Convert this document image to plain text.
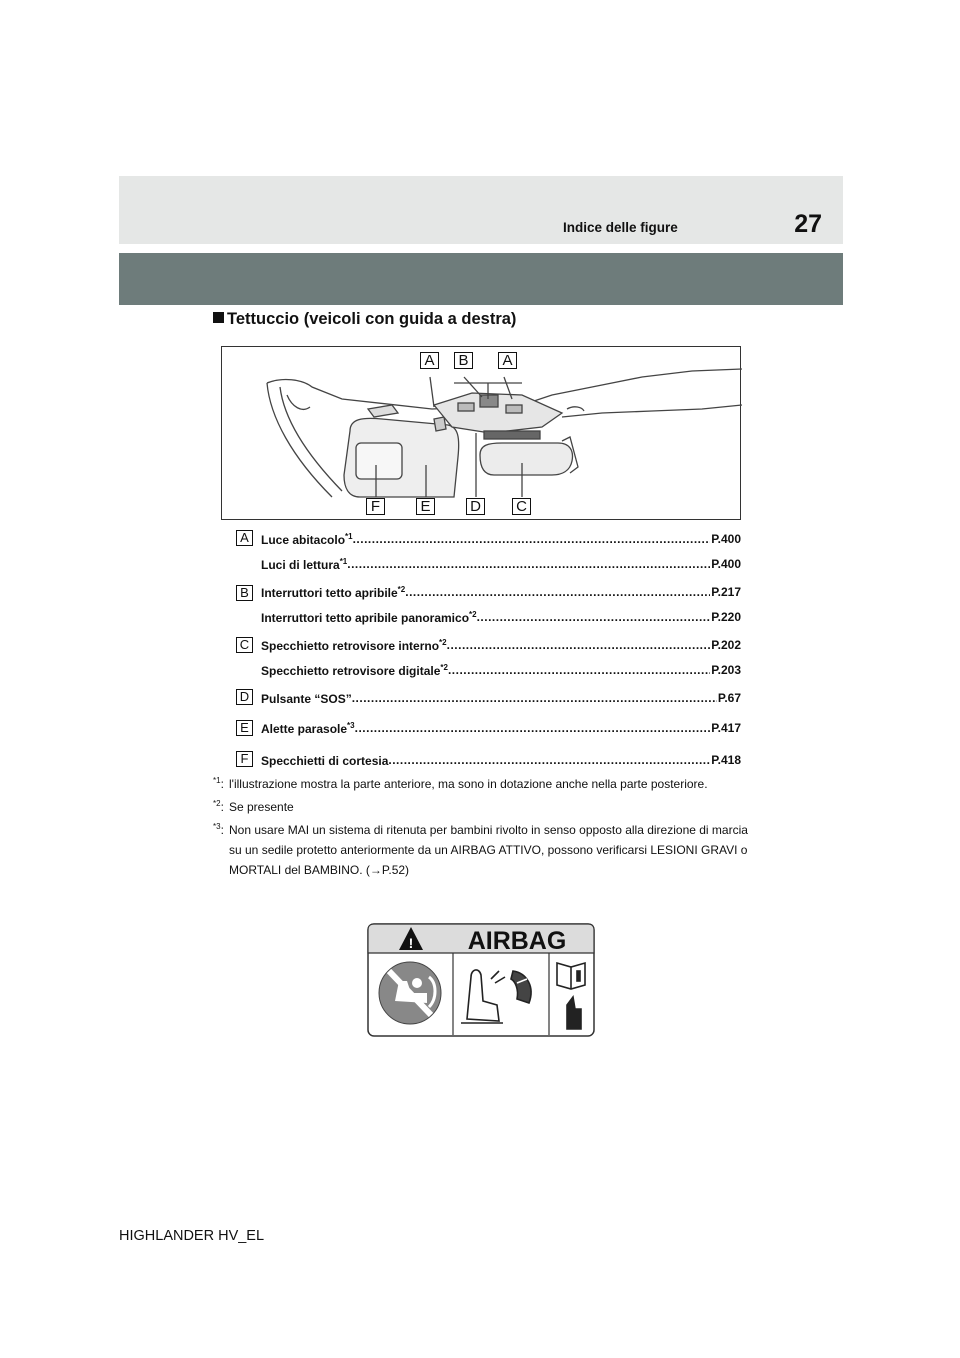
27
Indice delle figure
Tettuccio (veicoli con guida a destra)
A	B	A
F	E	D C
A	Luce abitacolo$^{*1}$ .....	P.400
Luci di lettura$^{*1}$ .....	P.400
B	Interruttori tetto apribile$^{*2}$ .....	P.217
Interruttori tetto apribile panoramico$^{*2}$ .....	P.220
C Specchietto retrovisore interno$^{*2}$ .....	P.202
Specchietto retrovisore digitale$^{*2}$ .....	P.203
D Pulsante “SOS” .....	P.67
E	Alette parasole$^{*3}$ .....	P.417
F	Specchietti di cortesia .....	P.418
$^{*1}$: l'illustrazione mostra la parte anteriore, ma sono in dotazione anche nella parte posteriore.
$^{*2}$: Se presente
$^{*3}$: Non usare MAI un sistema di ritenuta per bambini rivolto in senso opposto alla direzione di marcia su un sedile protetto anteriormente da un AIRBAG ATTIVO, possono verificarsi LESIONI GRAVI o MORTALI del BAMBINO. (→P.52)
! AIRBAG
HIGHLANDER HV_EL
